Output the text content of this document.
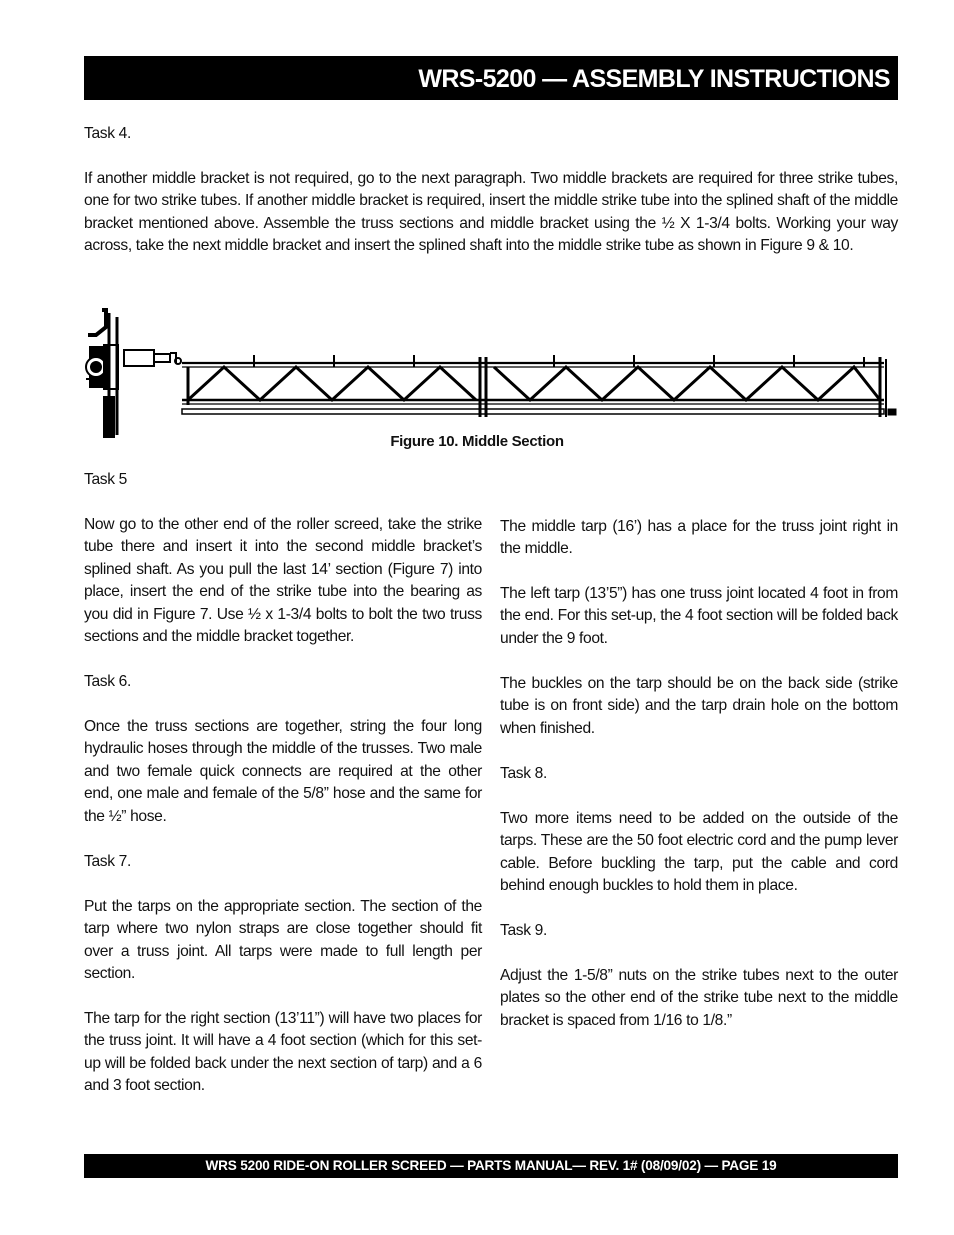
WRS-5200 — ASSEMBLY INSTRUCTIONS

Task 4.

If another middle bracket is not required, go to the next paragraph. Two middle brackets are required for three strike tubes, one for two strike tubes. If another middle bracket is required, insert the middle strike tube into the splined shaft of the middle bracket mentioned above. Assemble the truss sections and middle bracket using the ½ X 1-3/4 bolts. Working your way across, take the next middle bracket and insert the splined shaft into the middle strike tube as shown in Figure 9 & 10.

Figure 10. Middle Section

Task 5

Now go to the other end of the roller screed, take the strike tube there and insert it into the second middle bracket’s splined shaft. As you pull the last 14’ section (Figure 7) into place, insert the end of the strike tube into the bearing as you did in Figure 7. Use ½ x 1-3/4 bolts to bolt the two truss sections and the middle bracket together.

Task 6.

Once the truss sections are together, string the four long hydraulic hoses through the middle of the trusses. Two male and two female quick connects are required at the other end, one male and female of the 5/8” hose and the same for the ½” hose.

Task 7.

Put the tarps on the appropriate section. The section of the tarp where two nylon straps are close together should fit over a truss joint. All tarps were made to full length per section.

The tarp for the right section (13’11”) will have two places for the truss joint. It will have a 4 foot section (which for this set-up will be folded back under the next section of tarp) and a 6 and 3 foot section.

The middle tarp (16’) has a place for the truss joint right in the middle.

The left tarp (13’5”) has one truss joint located 4 foot in from the end. For this set-up, the 4 foot section will be folded back under the 9 foot.

The buckles on the tarp should be on the back side (strike tube is on front side) and the tarp drain hole on the bottom when finished.

Task 8.

Two more items need to be added on the outside of the tarps. These are the 50 foot electric cord and the pump lever cable. Before buckling the tarp, put the cable and cord behind enough buckles to hold them in place.

Task 9.

Adjust the 1-5/8” nuts on the strike tubes next to the outer plates so the other end of the strike tube next to the middle bracket is spaced from 1/16 to 1/8.”

WRS 5200 RIDE-ON ROLLER SCREED — PARTS MANUAL— REV. 1# (08/09/02) — PAGE 19
